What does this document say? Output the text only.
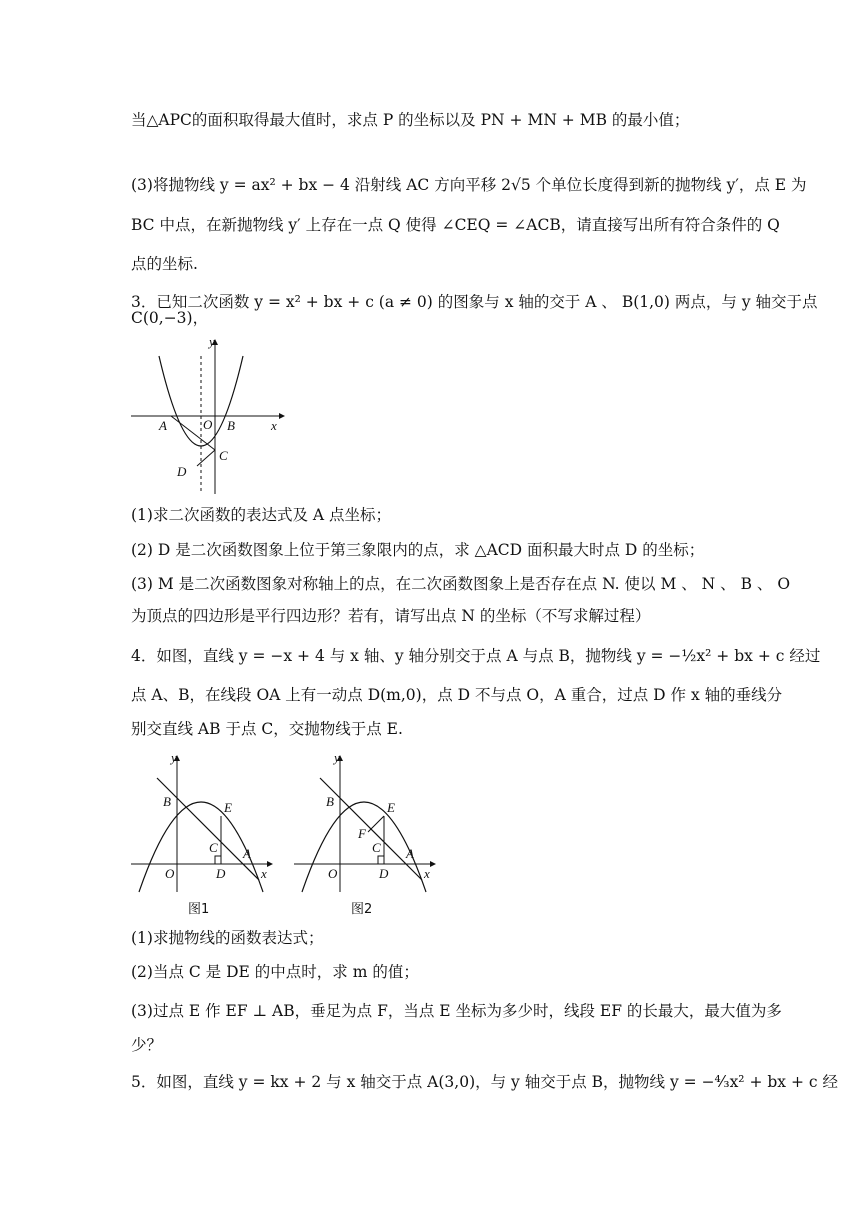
当△APC的面积取得最大值时，求点 P 的坐标以及 PN + MN + MB 的最小值；
(3)将抛物线 y = ax² + bx − 4 沿射线 AC 方向平移 2√5 个单位长度得到新的抛物线 y′，点 E 为
BC 中点，在新抛物线 y′ 上存在一点 Q 使得 ∠CEQ = ∠ACB，请直接写出所有符合条件的 Q
点的坐标.
3．已知二次函数 y = x² + bx + c (a ≠ 0) 的图象与 x 轴的交于 A 、 B(1,0) 两点，与 y 轴交于点
C(0,−3)，
y
x
O
A	B
C
D
(1)求二次函数的表达式及 A 点坐标；
(2) D 是二次函数图象上位于第三象限内的点，求 △ACD 面积最大时点 D 的坐标；
(3) M 是二次函数图象对称轴上的点，在二次函数图象上是否存在点 N. 使以 M 、 N 、 B 、 O
为顶点的四边形是平行四边形？若有，请写出点 N 的坐标（不写求解过程）
4．如图，直线 y = −x + 4 与 x 轴、y 轴分别交于点 A 与点 B，抛物线 y = −½x² + bx + c 经过
点 A、B，在线段 OA 上有一动点 D(m,0)，点 D 不与点 O，A 重合，过点 D 作 x 轴的垂线分
别交直线 AB 于点 C，交抛物线于点 E.
y
x
O
A
B
C
D
E
图1
y
x
O
A
B
C
D
E
F
图2
(1)求抛物线的函数表达式；
(2)当点 C 是 DE 的中点时，求 m 的值；
(3)过点 E 作 EF ⊥ AB，垂足为点 F，当点 E 坐标为多少时，线段 EF 的长最大，最大值为多
少？
5．如图，直线 y = kx + 2 与 x 轴交于点 A(3,0)，与 y 轴交于点 B，抛物线 y = −⁴⁄₃x² + bx + c 经
